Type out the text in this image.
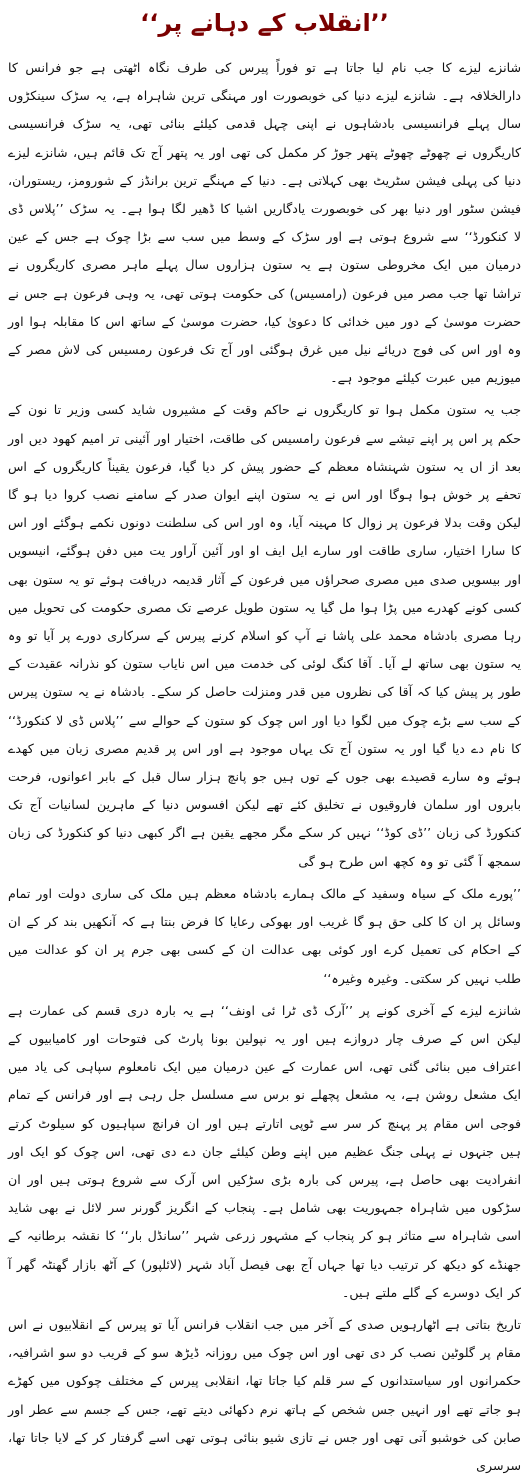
’’انقلاب کے دہانے پر‘‘

شانزے لیزے کا جب نام لیا جاتا ہے تو فوراً پیرس کی طرف نگاہ اٹھتی ہے جو فرانس کا دارالخلافہ ہے۔ شانزے لیزے دنیا کی خوبصورت اور مہنگی ترین شاہراہ ہے، یہ سڑک سینکڑوں سال پہلے فرانسیسی بادشاہوں نے اپنی چہل قدمی کیلئے بنائی تھی، یہ سڑک فرانسیسی کاریگروں نے چھوٹے چھوٹے پتھر جوڑ کر مکمل کی تھی اور یہ پتھر آج تک قائم ہیں، شانزے لیزے دنیا کی پہلی فیشن سٹریٹ بھی کہلاتی ہے۔ دنیا کے مہنگے ترین برانڈز کے شورومز، ریستوران، فیشن سٹور اور دنیا بھر کی خوبصورت یادگاریں اشیا کا ڈھیر لگا ہوا ہے۔ یہ سڑک ’’پلاس ڈی لا کنکورڈ‘‘ سے شروع ہوتی ہے اور سڑک کے وسط میں سب سے بڑا چوک ہے جس کے عین درمیان میں ایک مخروطی ستون ہے یہ ستون ہزاروں سال پہلے ماہر مصری کاریگروں نے تراشا تھا جب مصر میں فرعون (رامسیس) کی حکومت ہوتی تھی، یہ وہی فرعون ہے جس نے حضرت موسیٰ کے دور میں خدائی کا دعویٰ کیا، حضرت موسیٰ کے ساتھ اس کا مقابلہ ہوا اور وہ اور اس کی فوج دریائے نیل میں غرق ہوگئی اور آج تک فرعون رمسیس کی لاش مصر کے میوزیم میں عبرت کیلئے موجود ہے۔

جب یہ ستون مکمل ہوا تو کاریگروں نے حاکم وقت کے مشیروں شاید کسی وزیر تا نون کے حکم پر اس پر اپنے تیشے سے فرعون رامسیس کی طاقت، اختیار اور آئینی تر امیم کھود دیں اور بعد از اں یہ ستون شہنشاہ معظم کے حضور پیش کر دیا گیا، فرعون یقیناً کاریگروں کے اس تحفے پر خوش ہوا ہوگا اور اس نے یہ ستون اپنے ایوان صدر کے سامنے نصب کروا دیا ہو گا لیکن وقت بدلا فرعون پر زوال کا مہینہ آیا، وہ اور اس کی سلطنت دونوں نکمے ہوگئے اور اس کا سارا اختیار، ساری طاقت اور سارے ایل ایف او اور آئین آراور یت میں دفن ہوگئے، انیسویں اور بیسویں صدی میں مصری صحراؤں میں فرعون کے آثار قدیمہ دریافت ہوئے تو یہ ستون بھی کسی کونے کھدرے میں پڑا ہوا مل گیا یہ ستون طویل عرصے تک مصری حکومت کی تحویل میں رہا مصری بادشاہ محمد علی پاشا نے آپ کو اسلام کرنے پیرس کے سرکاری دورے پر آیا تو وہ یہ ستون بھی ساتھ لے آیا۔ آقا کنگ لوئی کی خدمت میں اس نایاب ستون کو نذرانہ عقیدت کے طور پر پیش کیا کہ آقا کی نظروں میں قدر ومنزلت حاصل کر سکے۔ بادشاہ نے یہ ستون پیرس کے سب سے بڑے چوک میں لگوا دیا اور اس چوک کو ستون کے حوالے سے ’’پلاس ڈی لا کنکورڈ‘‘ کا نام دے دیا گیا اور یہ ستون آج تک یہاں موجود ہے اور اس پر قدیم مصری زبان میں کھدے ہوئے وہ سارے قصیدے بھی جوں کے توں ہیں جو پانچ ہزار سال قبل کے بابر اعوانوں، فرحت بابروں اور سلمان فاروقیوں نے تخلیق کئے تھے لیکن افسوس دنیا کے ماہرین لسانیات آج تک کنکورڈ کی زبان ’’ڈی کوڈ‘‘ نہیں کر سکے مگر مجھے یقین ہے اگر کبھی دنیا کو کنکورڈ کی زبان سمجھ آ گئی تو وہ کچھ اس طرح ہو گی

’’پورے ملک کے سیاہ وسفید کے مالک ہمارے بادشاہ معظم ہیں ملک کی ساری دولت اور تمام وسائل پر ان کا کلی حق ہو گا غریب اور بھوکی رعایا کا فرض بنتا ہے کہ آنکھیں بند کر کے ان کے احکام کی تعمیل کرے اور کوئی بھی عدالت ان کے کسی بھی جرم پر ان کو عدالت میں طلب نہیں کر سکتی۔ وغیرہ وغیرہ‘‘

شانزے لیزے کے آخری کونے پر ’’آرک ڈی ٹرا ئی اونف‘‘ ہے یہ بارہ دری قسم کی عمارت ہے لیکن اس کے صرف چار دروازے ہیں اور یہ نپولین بونا پارٹ کی فتوحات اور کامیابیوں کے اعتراف میں بنائی گئی تھی، اس عمارت کے عین درمیان میں ایک نامعلوم سپاہی کی یاد میں ایک مشعل روشن ہے، یہ مشعل پچھلے نو برس سے مسلسل جل رہی ہے اور فرانس کے تمام فوجی اس مقام پر پہنچ کر سر سے ٹوپی اتارتے ہیں اور ان فرانچ سپاہیوں کو سیلوٹ کرتے ہیں جنہوں نے پہلی جنگ عظیم میں اپنے وطن کیلئے جان دے دی تھی، اس چوک کو ایک اور انفرادیت بھی حاصل ہے، پیرس کی بارہ بڑی سڑکیں اس آرک سے شروع ہوتی ہیں اور ان سڑکوں میں شاہراہ جمہوریت بھی شامل ہے۔ پنجاب کے انگریز گورنر سر لائل نے بھی شاید اسی شاہراہ سے متاثر ہو کر پنجاب کے مشہور زرعی شہر ’’سانڈل بار‘‘ کا نقشہ برطانیہ کے جھنڈے کو دیکھ کر ترتیب دیا تھا جہاں آج بھی فیصل آباد شہر (لائلپور) کے آٹھ بازار گھنٹہ گھر آ کر ایک دوسرے کے گلے ملتے ہیں۔

تاریخ بتاتی ہے اٹھارہویں صدی کے آخر میں جب انقلاب فرانس آیا تو پیرس کے انقلابیوں نے اس مقام پر گلوٹین نصب کر دی تھی اور اس چوک میں روزانہ ڈیڑھ سو کے قریب دو سو اشرافیہ، حکمرانوں اور سیاستدانوں کے سر قلم کیا جاتا تھا، انقلابی پیرس کے مختلف چوکوں میں کھڑے ہو جاتے تھے اور انہیں جس شخص کے ہاتھ نرم دکھائی دیتے تھے، جس کے جسم سے عطر اور صابن کی خوشبو آتی تھی اور جس نے تازی شیو بنائی ہوتی تھی اسے گرفتار کر کے لایا جاتا تھا، سرسری
